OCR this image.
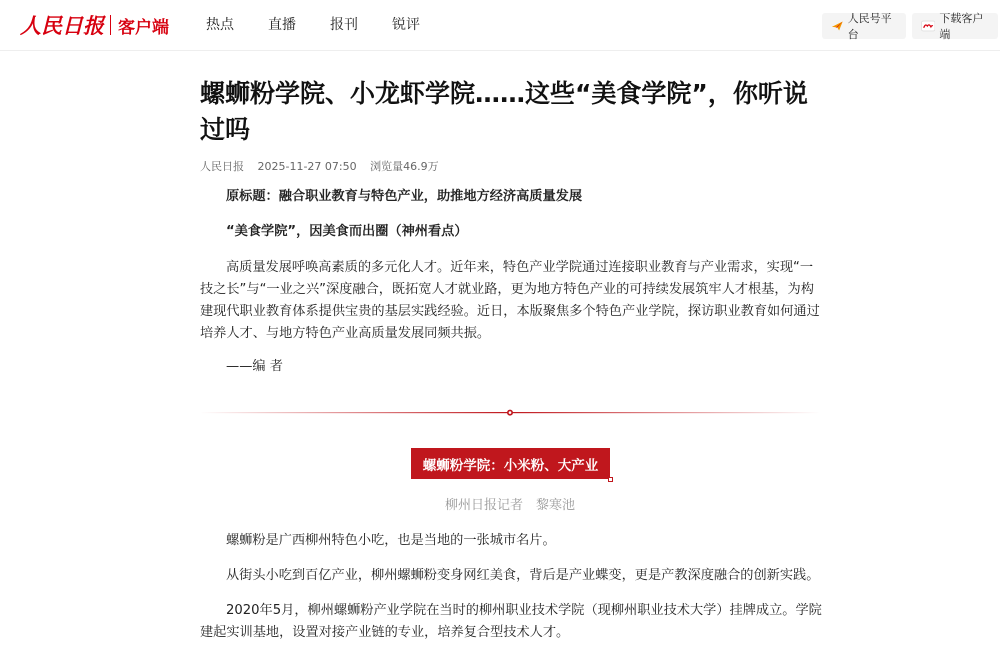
人民日报 客户端	热点 直播 报刊 锐评	人民号平台
下载客户端
螺蛳粉学院、小龙虾学院……这些“美食学院”，你听说过吗
人民日报 2025-11-27 07:50 浏览量46.9万

原标题：融合职业教育与特色产业，助推地方经济高质量发展

“美食学院”，因美食而出圈（神州看点）

高质量发展呼唤高素质的多元化人才。近年来，特色产业学院通过连接职业教育与产业需求，实现“一技之长”与“一业之兴”深度融合，既拓宽人才就业路，更为地方特色产业的可持续发展筑牢人才根基，为构建现代职业教育体系提供宝贵的基层实践经验。近日，本版聚焦多个特色产业学院，探访职业教育如何通过培养人才、与地方特色产业高质量发展同频共振。

——编 者

螺蛳粉学院：小米粉、大产业
柳州日报记者　黎寒池

螺蛳粉是广西柳州特色小吃，也是当地的一张城市名片。

从街头小吃到百亿产业，柳州螺蛳粉变身网红美食，背后是产业蝶变，更是产教深度融合的创新实践。

2020年5月，柳州螺蛳粉产业学院在当时的柳州职业技术学院（现柳州职业技术大学）挂牌成立。学院建起实训基地，设置对接产业链的专业，培养复合型技术人才。
